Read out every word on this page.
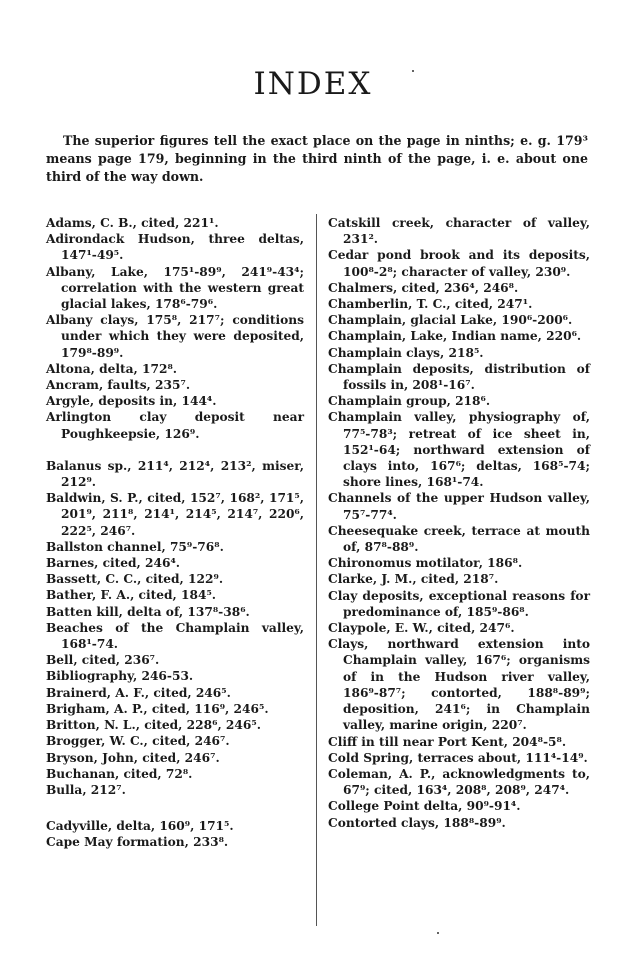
INDEX
The superior figures tell the exact place on the page in ninths; e. g. 179³ means page 179, beginning in the third ninth of the page, i. e. about one third of the way down.

Adams, C. B., cited, 221¹.

Adirondack Hudson, three deltas, 147¹-49⁵.

Albany, Lake, 175¹-89⁹, 241⁹-43⁴; correlation with the western great glacial lakes, 178⁶-79⁶.

Albany clays, 175⁸, 217⁷; conditions under which they were deposited, 179⁸-89⁹.

Altona, delta, 172⁸.

Ancram, faults, 235⁷.

Argyle, deposits in, 144⁴.

Arlington clay deposit near Poughkeepsie, 126⁹.

Balanus sp., 211⁴, 212⁴, 213², miser, 212⁹.

Baldwin, S. P., cited, 152⁷, 168², 171⁵, 201⁹, 211⁸, 214¹, 214⁵, 214⁷, 220⁶, 222⁵, 246⁷.

Ballston channel, 75⁹-76⁸.

Barnes, cited, 246⁴.

Bassett, C. C., cited, 122⁹.

Bather, F. A., cited, 184⁵.

Batten kill, delta of, 137⁸-38⁶.

Beaches of the Champlain valley, 168¹-74.

Bell, cited, 236⁷.

Bibliography, 246-53.

Brainerd, A. F., cited, 246⁵.

Brigham, A. P., cited, 116⁹, 246⁵.

Britton, N. L., cited, 228⁶, 246⁵.

Brogger, W. C., cited, 246⁷.

Bryson, John, cited, 246⁷.

Buchanan, cited, 72⁸.

Bulla, 212⁷.

Cadyville, delta, 160⁹, 171⁵.

Cape May formation, 233⁸.

Catskill creek, character of valley, 231².

Cedar pond brook and its deposits, 100⁸-2⁸; character of valley, 230⁹.

Chalmers, cited, 236⁴, 246⁸.

Chamberlin, T. C., cited, 247¹.

Champlain, glacial Lake, 190⁶-200⁶.

Champlain, Lake, Indian name, 220⁶.

Champlain clays, 218⁵.

Champlain deposits, distribution of fossils in, 208¹-16⁷.

Champlain group, 218⁶.

Champlain valley, physiography of, 77⁵-78³; retreat of ice sheet in, 152¹-64; northward extension of clays into, 167⁶; deltas, 168⁵-74; shore lines, 168¹-74.

Channels of the upper Hudson valley, 75⁷-77⁴.

Cheesequake creek, terrace at mouth of, 87⁸-88⁹.

Chironomus motilator, 186⁸.

Clarke, J. M., cited, 218⁷.

Clay deposits, exceptional reasons for predominance of, 185⁹-86⁸.

Claypole, E. W., cited, 247⁶.

Clays, northward extension into Champlain valley, 167⁶; organisms of in the Hudson river valley, 186⁹-87⁷; contorted, 188⁸-89⁹; deposition, 241⁶; in Champlain valley, marine origin, 220⁷.

Cliff in till near Port Kent, 204⁸-5⁸.

Cold Spring, terraces about, 111⁴-14⁹.

Coleman, A. P., acknowledgments to, 67⁹; cited, 163⁴, 208⁸, 208⁹, 247⁴.

College Point delta, 90⁹-91⁴.

Contorted clays, 188⁸-89⁹.
